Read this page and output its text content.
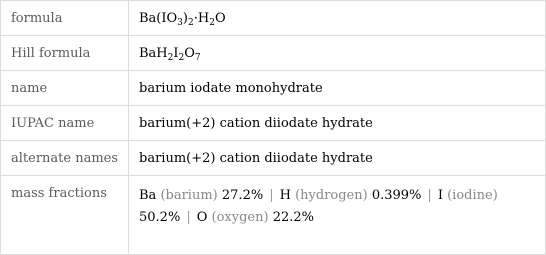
formula	$Ba(IO_3)_2\cdot H_2O$
Hill formula	$BaH_2I_2O_7$
name	barium iodate monohydrate
IUPAC name	barium(+2) cation diiodate hydrate
alternate names	barium(+2) cation diiodate hydrate
mass fractions	Ba (barium) 27.2% | H (hydrogen) 0.399% | I (iodine)
50.2% | O (oxygen) 22.2%
